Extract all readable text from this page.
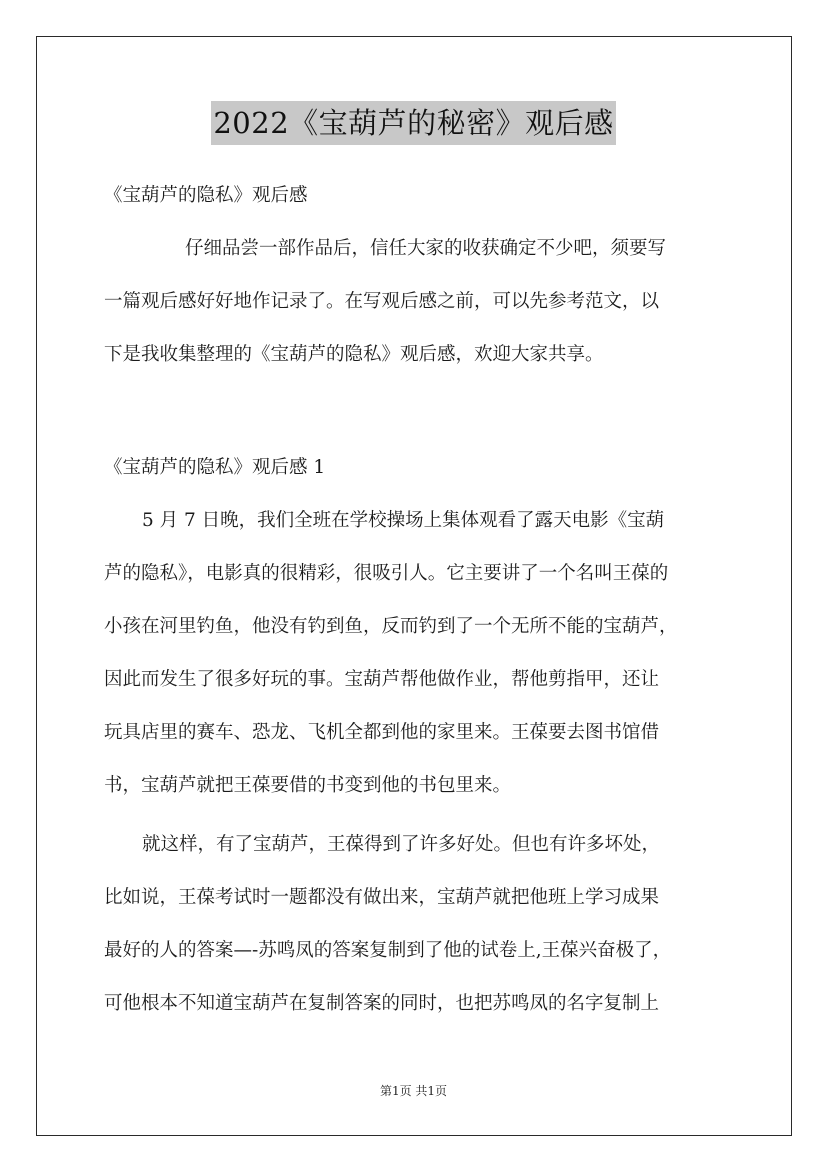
2022《宝葫芦的秘密》观后感
《宝葫芦的隐私》观后感
仔细品尝一部作品后，信任大家的收获确定不少吧，须要写
一篇观后感好好地作记录了。在写观后感之前，可以先参考范文，以
下是我收集整理的《宝葫芦的隐私》观后感，欢迎大家共享。
《宝葫芦的隐私》观后感 1
5 月 7 日晚，我们全班在学校操场上集体观看了露天电影《宝葫
芦的隐私》，电影真的很精彩，很吸引人。它主要讲了一个名叫王葆的
小孩在河里钓鱼，他没有钓到鱼，反而钓到了一个无所不能的宝葫芦，
因此而发生了很多好玩的事。宝葫芦帮他做作业，帮他剪指甲，还让
玩具店里的赛车、恐龙、飞机全都到他的家里来。王葆要去图书馆借
书，宝葫芦就把王葆要借的书变到他的书包里来。
就这样，有了宝葫芦，王葆得到了许多好处。但也有许多坏处，
比如说，王葆考试时一题都没有做出来，宝葫芦就把他班上学习成果
最好的人的答案—-苏鸣凤的答案复制到了他的试卷上,王葆兴奋极了，
可他根本不知道宝葫芦在复制答案的同时，也把苏鸣凤的名字复制上
第1页 共1页
